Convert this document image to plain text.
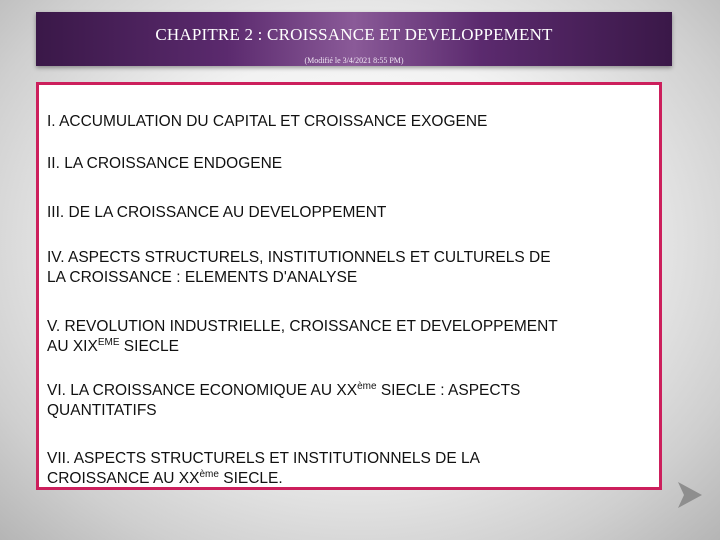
CHAPITRE 2 : CROISSANCE ET DEVELOPPEMENT
(Modifié le 3/4/2021 8:55 PM)
I. ACCUMULATION DU CAPITAL ET CROISSANCE EXOGENE
II. LA CROISSANCE ENDOGENE
III. DE LA CROISSANCE AU DEVELOPPEMENT
IV. ASPECTS STRUCTURELS, INSTITUTIONNELS ET CULTURELS DE
LA CROISSANCE : ELEMENTS D'ANALYSE
V. REVOLUTION INDUSTRIELLE, CROISSANCE ET DEVELOPPEMENT
AU XIXEME SIECLE
VI. LA CROISSANCE ECONOMIQUE AU XXème SIECLE : ASPECTS
QUANTITATIFS
VII. ASPECTS STRUCTURELS ET INSTITUTIONNELS DE LA
CROISSANCE AU XXème SIECLE.
